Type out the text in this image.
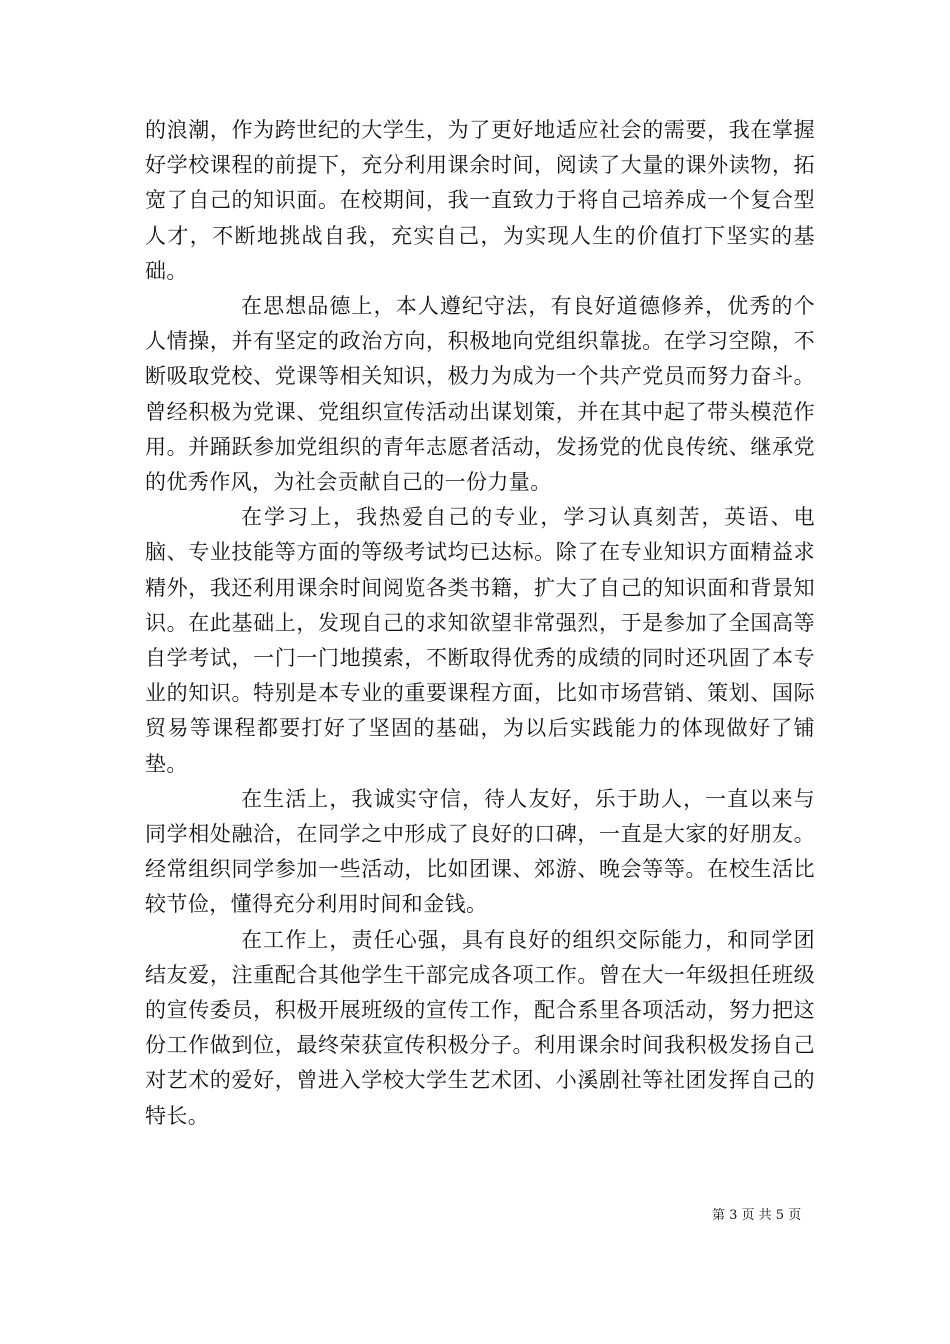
的浪潮，作为跨世纪的大学生，为了更好地适应社会的需要，我在掌握好学校课程的前提下，充分利用课余时间，阅读了大量的课外读物，拓宽了自己的知识面。在校期间，我一直致力于将自己培养成一个复合型人才，不断地挑战自我，充实自己，为实现人生的价值打下坚实的基础。

在思想品德上，本人遵纪守法，有良好道德修养，优秀的个人情操，并有坚定的政治方向，积极地向党组织靠拢。在学习空隙，不断吸取党校、党课等相关知识，极力为成为一个共产党员而努力奋斗。曾经积极为党课、党组织宣传活动出谋划策，并在其中起了带头模范作用。并踊跃参加党组织的青年志愿者活动，发扬党的优良传统、继承党的优秀作风，为社会贡献自己的一份力量。

在学习上，我热爱自己的专业，学习认真刻苦，英语、电脑、专业技能等方面的等级考试均已达标。除了在专业知识方面精益求精外，我还利用课余时间阅览各类书籍，扩大了自己的知识面和背景知识。在此基础上，发现自己的求知欲望非常强烈，于是参加了全国高等自学考试，一门一门地摸索，不断取得优秀的成绩的同时还巩固了本专业的知识。特别是本专业的重要课程方面，比如市场营销、策划、国际贸易等课程都要打好了坚固的基础，为以后实践能力的体现做好了铺垫。

在生活上，我诚实守信，待人友好，乐于助人，一直以来与同学相处融洽，在同学之中形成了良好的口碑，一直是大家的好朋友。经常组织同学参加一些活动，比如团课、郊游、晚会等等。在校生活比较节俭，懂得充分利用时间和金钱。

在工作上，责任心强，具有良好的组织交际能力，和同学团结友爱，注重配合其他学生干部完成各项工作。曾在大一年级担任班级的宣传委员，积极开展班级的宣传工作，配合系里各项活动，努力把这份工作做到位，最终荣获宣传积极分子。利用课余时间我积极发扬自己对艺术的爱好，曾进入学校大学生艺术团、小溪剧社等社团发挥自己的特长。

第 3 页 共 5 页
